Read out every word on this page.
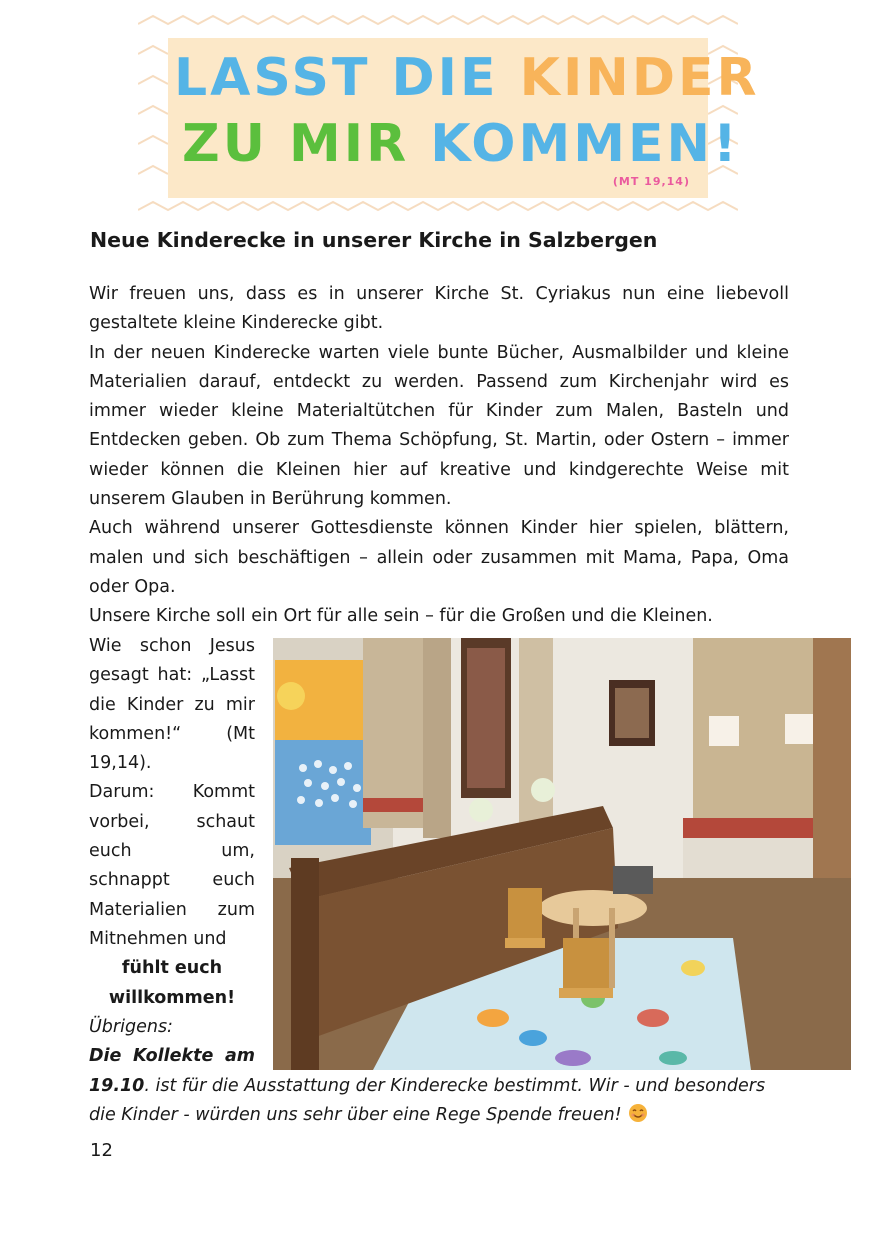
LASST DIE KINDER
ZU MIR KOMMEN!
(MT 19,14)
Neue Kinderecke in unserer Kirche in Salzbergen

Wir freuen uns, dass es in unserer Kirche St. Cyriakus nun eine liebevoll gestaltete kleine Kinderecke gibt.

In der neuen Kinderecke warten viele bunte Bücher, Ausmalbilder und kleine Materialien darauf, entdeckt zu werden. Passend zum Kirchenjahr wird es immer wieder kleine Materialtütchen für Kinder zum Malen, Basteln und Entdecken geben. Ob zum Thema Schöpfung, St. Martin, oder Ostern – immer wieder können die Kleinen hier auf kreative und kindgerechte Weise mit unserem Glauben in Berührung kommen.

Auch während unserer Gottesdienste können Kinder hier spielen, blättern, malen und sich beschäftigen – allein oder zusammen mit Mama, Papa, Oma oder Opa.

Unsere Kirche soll ein Ort für alle sein – für die Großen und die Kleinen.

Wie schon Jesus gesagt hat: „Lasst die Kinder zu mir kommen!“ (Mt 19,14).

Darum: Kommt vorbei, schaut euch um, schnappt euch Materialien zum Mitnehmen und

fühlt euch

willkommen!

Übrigens:

Die Kollekte am

19.10. ist für die Ausstattung der Kinderecke bestimmt. Wir - und besonders die Kinder - würden uns sehr über eine Rege Spende freuen!

12
